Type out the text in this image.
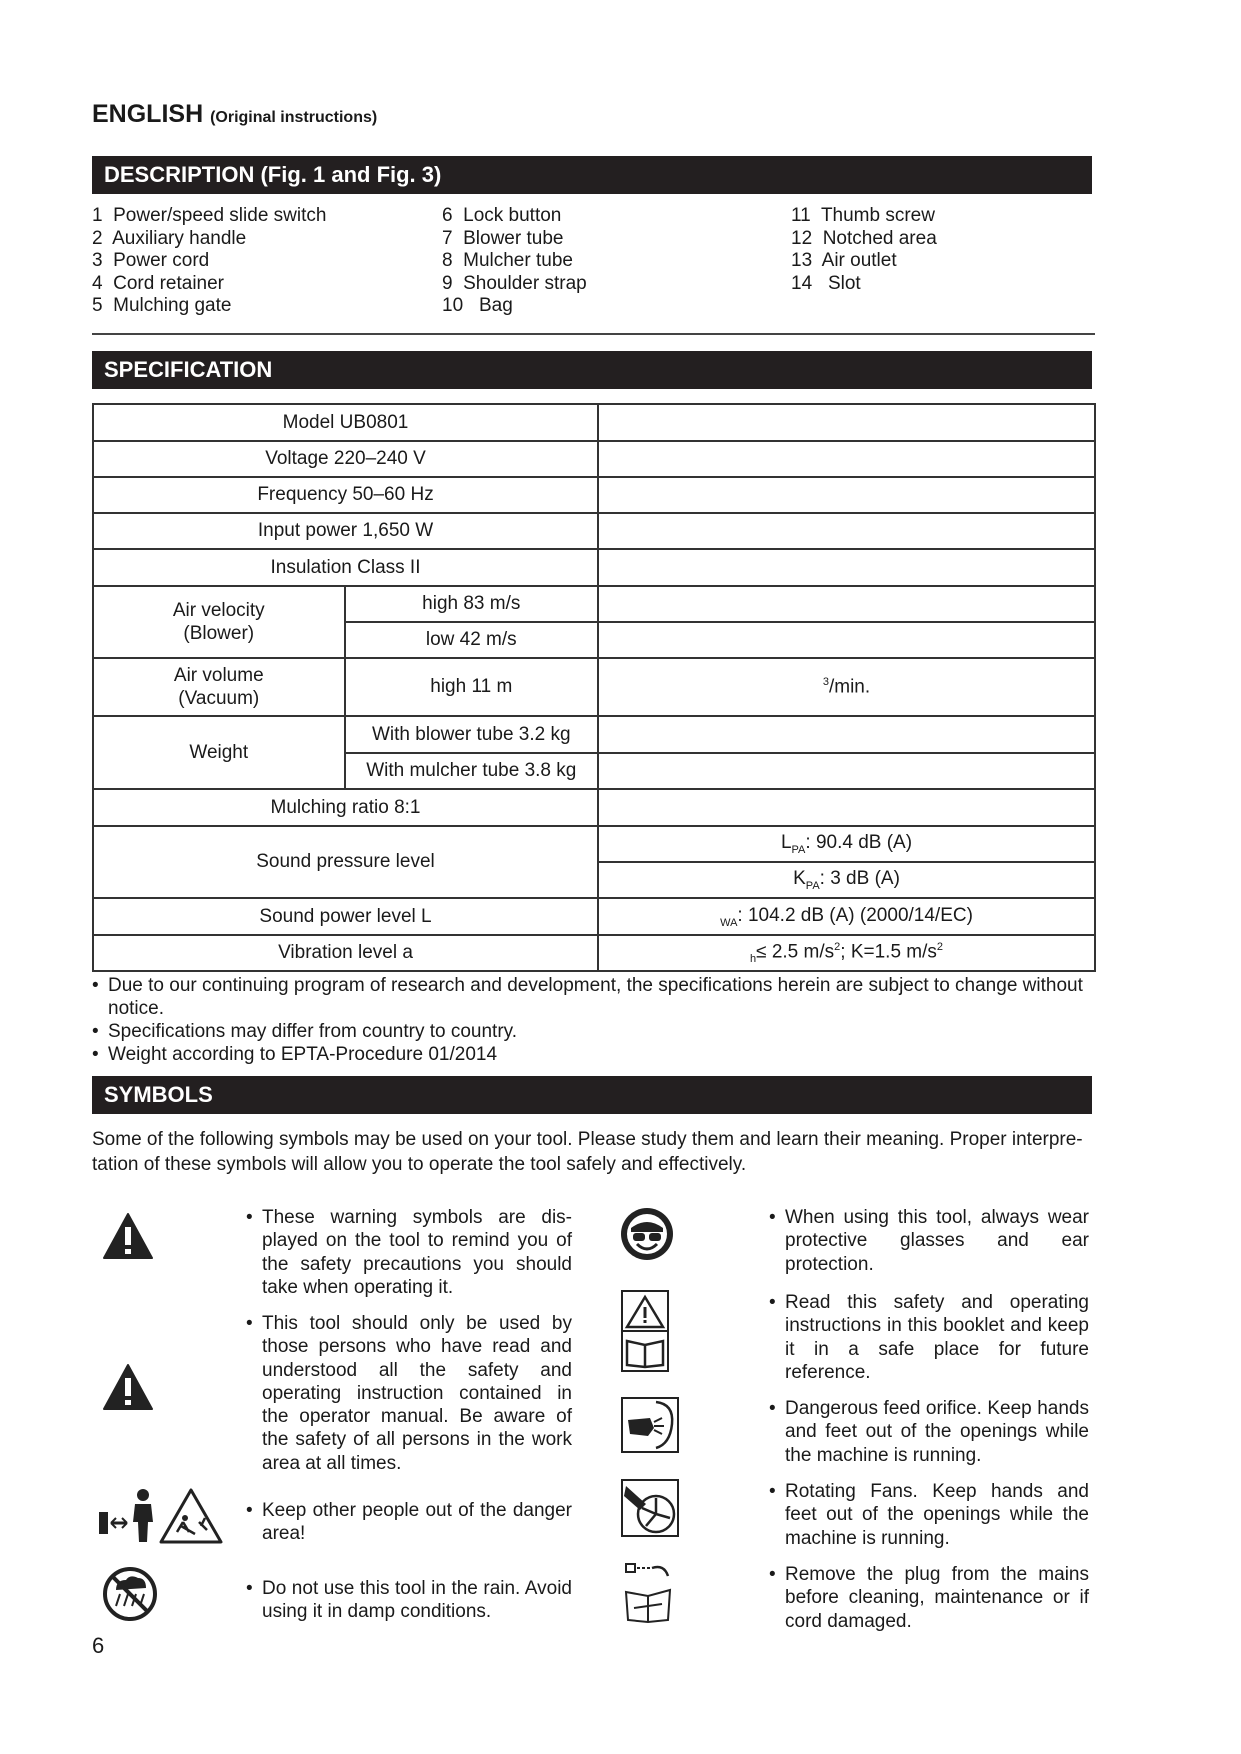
ENGLISH (Original instructions)
DESCRIPTION (Fig. 1 and Fig. 3)
1  Power/speed slide switch
2  Auxiliary handle
3  Power cord
4  Cord retainer
5  Mulching gate
6  Lock button
7  Blower tube
8  Mulcher tube
9  Shoulder strap
10   Bag
11  Thumb screw
12  Notched area
13  Air outlet
14   Slot
SPECIFICATION
Model UB0801		
Voltage 220–240 V		
Frequency 50–60 Hz		
Input power 1,650 W		
Insulation Class II		

Air velocity
(Blower)	high 83 m/s	
	low 42 m/s	

Air volume
(Vacuum)	high 11 m	$^3$/min.
Weight	With blower tube 3.2 kg	
	With mulcher tube 3.8 kg	
Mulching ratio 8:1		
Sound pressure level		$L_{PA}$: 90.4 dB (A)
		$K_{PA}$: 3 dB (A)
Sound power level L		$_{WA}$: 104.2 dB (A) (2000/14/EC)
Vibration level a		$_h$≤ 2.5 $m/s^2$; K=1.5 $m/s^2$
• Due to our continuing program of research and development, the specifications herein are subject to change without notice.
• Specifications may differ from country to country.
• Weight according to EPTA-Procedure 01/2014
SYMBOLS
Some of the following symbols may be used on your tool. Please study them and learn their meaning. Proper interpre-tation of these symbols will allow you to operate the tool safely and effectively.
• These warning symbols are dis-played on the tool to remind you of the safety precautions you should take when operating it.
• This tool should only be used by those persons who have read and understood all the safety and operating instruction contained in the operator manual. Be aware of the safety of all persons in the work area at all times.
• Keep other people out of the danger area!
• Do not use this tool in the rain. Avoid using it in damp conditions.
• When using this tool, always wear protective glasses and ear protection.
• Read this safety and operating instructions in this booklet and keep it in a safe place for future reference.
• Dangerous feed orifice. Keep hands and feet out of the openings while the machine is running.
• Rotating Fans. Keep hands and feet out of the openings while the machine is running.
• Remove the plug from the mains before cleaning, maintenance or if cord damaged.
6
